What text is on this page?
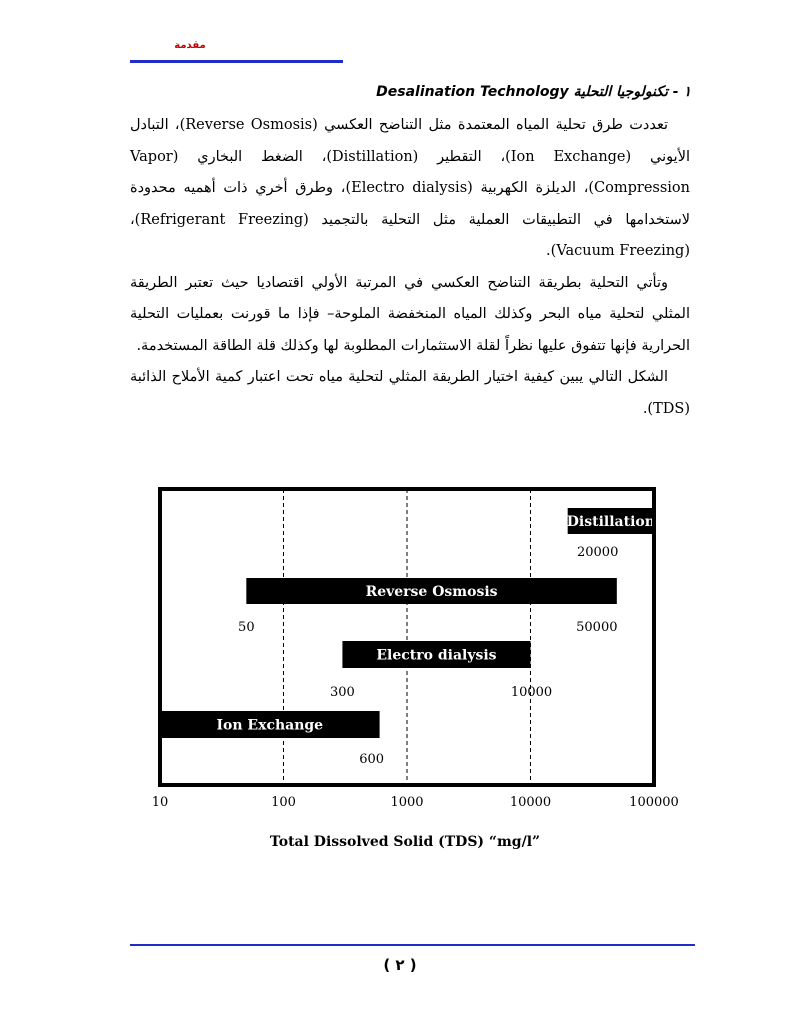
مقدمة
١ - تكنولوجيا التحلية Desalination Technology

تعددت طرق تحلية المياه المعتمدة مثل التناضح العكسي (Reverse Osmosis)، التبادل الأيوني (Ion Exchange)، التقطير (Distillation)، الضغط البخاري (Vapor Compression)، الديلزة الكهربية (Electro dialysis)، وطرق أخري ذات أهميه محدودة لاستخدامها في التطبيقات العملية مثل التحلية بالتجميد (Refrigerant Freezing)، (Vacuum Freezing).

وتأتي التحلية بطريقة التناضح العكسي في المرتبة الأولي اقتصاديا حيث تعتبر الطريقة المثلي لتحلية مياه البحر وكذلك المياه المنخفضة الملوحة– فإذا ما قورنت بعمليات التحلية الحرارية فإنها تتفوق عليها نظراً لقلة الاستثمارات المطلوبة لها وكذلك قلة الطاقة المستخدمة.

الشكل التالي يبين كيفية اختيار الطريقة المثلي لتحلية مياه تحت اعتبار كمية الأملاح الذائبة (TDS).

Distillation
20000
Reverse Osmosis
50	50000
Electro dialysis
300	10000
Ion Exchange
600
10	100	1000	10000	100000
Total Dissolved Solid (TDS) “mg/l”
( ٢ )
